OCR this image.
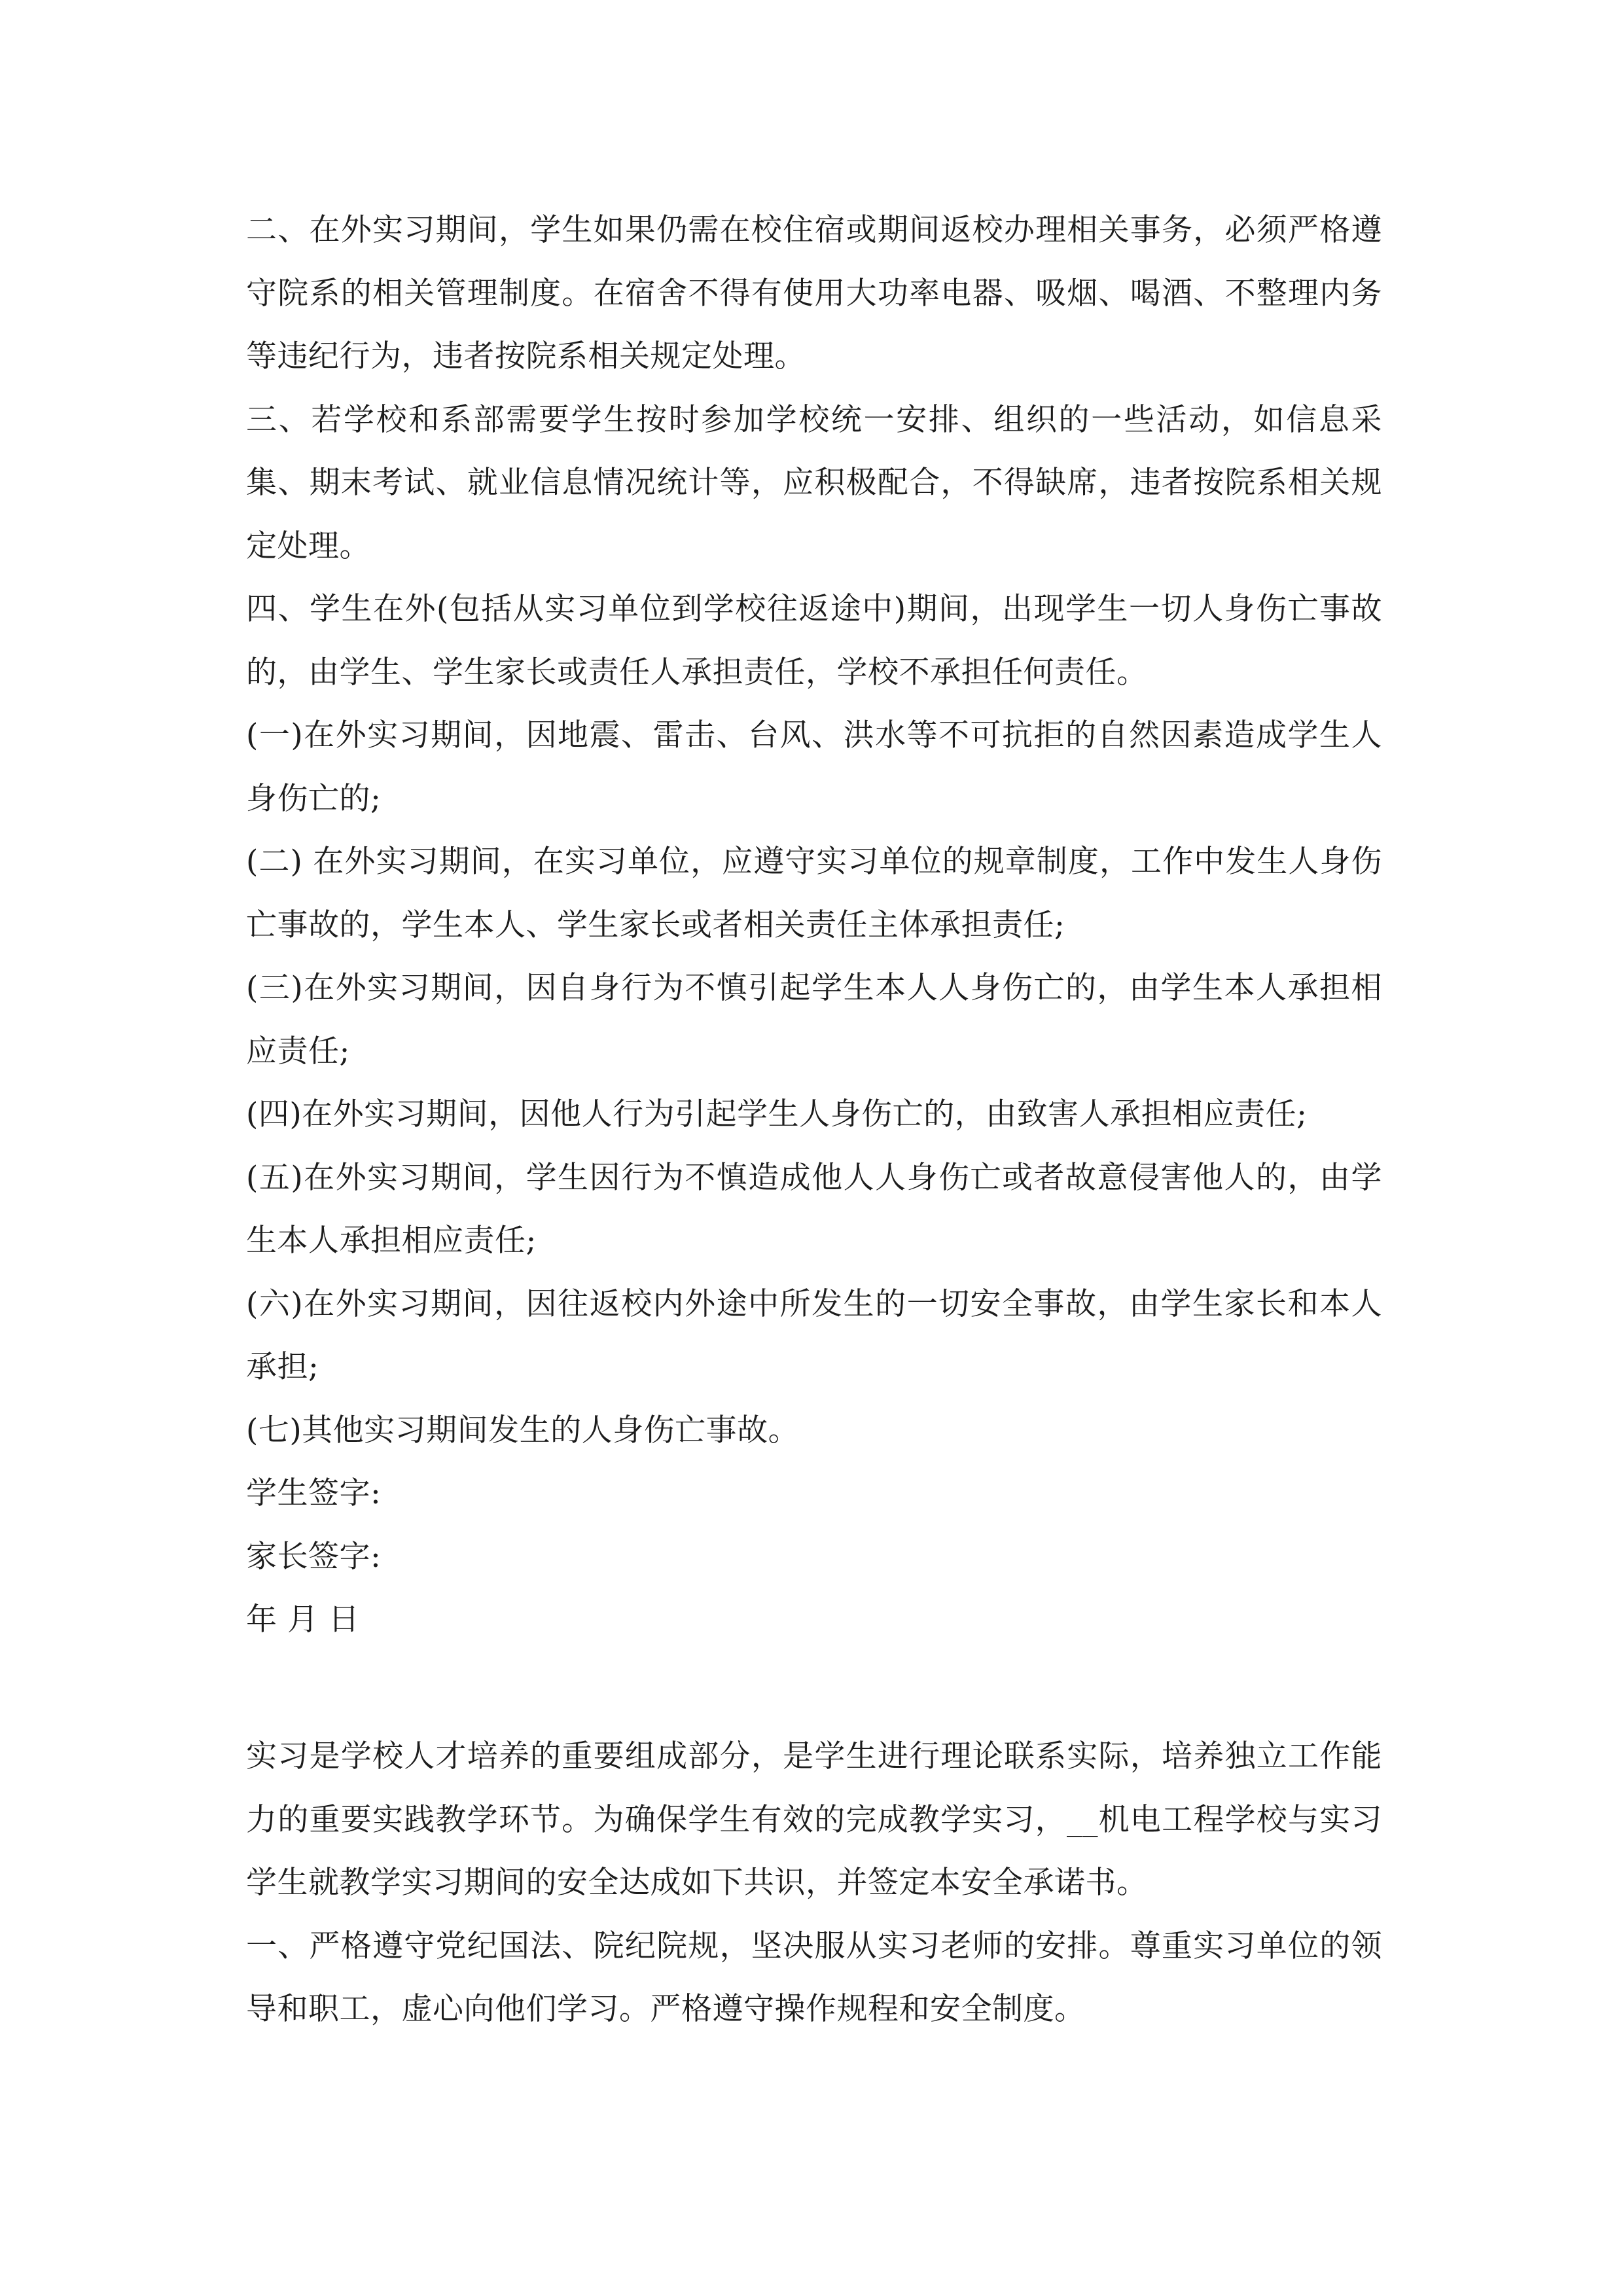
二、在外实习期间，学生如果仍需在校住宿或期间返校办理相关事务，必须严格遵守院系的相关管理制度。在宿舍不得有使用大功率电器、吸烟、喝酒、不整理内务等违纪行为，违者按院系相关规定处理。

三、若学校和系部需要学生按时参加学校统一安排、组织的一些活动，如信息采集、期末考试、就业信息情况统计等，应积极配合，不得缺席，违者按院系相关规定处理。

四、学生在外(包括从实习单位到学校往返途中)期间，出现学生一切人身伤亡事故的，由学生、学生家长或责任人承担责任，学校不承担任何责任。

(一)在外实习期间，因地震、雷击、台风、洪水等不可抗拒的自然因素造成学生人身伤亡的;

(二) 在外实习期间，在实习单位，应遵守实习单位的规章制度，工作中发生人身伤亡事故的，学生本人、学生家长或者相关责任主体承担责任;

(三)在外实习期间，因自身行为不慎引起学生本人人身伤亡的，由学生本人承担相应责任;

(四)在外实习期间，因他人行为引起学生人身伤亡的，由致害人承担相应责任;

(五)在外实习期间，学生因行为不慎造成他人人身伤亡或者故意侵害他人的，由学生本人承担相应责任;

(六)在外实习期间，因往返校内外途中所发生的一切安全事故，由学生家长和本人承担;

(七)其他实习期间发生的人身伤亡事故。

学生签字:

家长签字:

年 月 日

实习是学校人才培养的重要组成部分，是学生进行理论联系实际，培养独立工作能力的重要实践教学环节。为确保学生有效的完成教学实习，__机电工程学校与实习学生就教学实习期间的安全达成如下共识，并签定本安全承诺书。

一、严格遵守党纪国法、院纪院规，坚决服从实习老师的安排。尊重实习单位的领导和职工，虚心向他们学习。严格遵守操作规程和安全制度。
